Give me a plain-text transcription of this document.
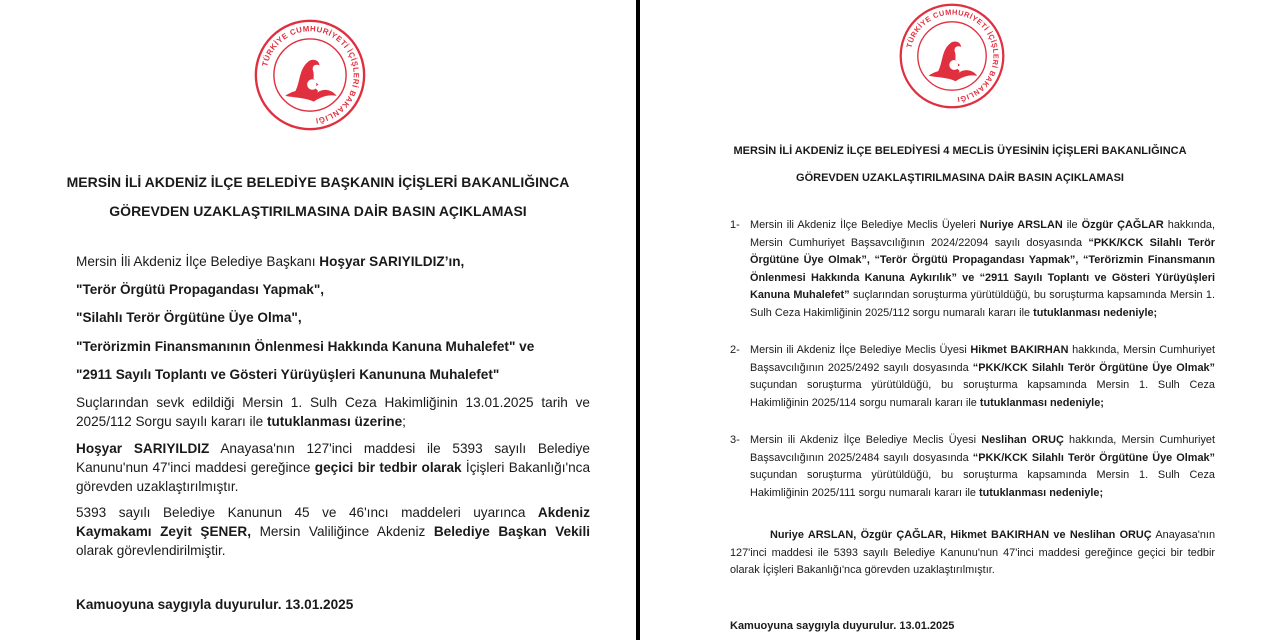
TÜRKİYE CUMHURİYETİ İÇİŞLERİ BAKANLIĞI

MERSİN İLİ AKDENİZ İLÇE BELEDİYE BAŞKANIN İÇİŞLERİ BAKANLIĞINCA
GÖREVDEN UZAKLAŞTIRILMASINA DAİR BASIN AÇIKLAMASI

Mersin İli Akdeniz İlçe Belediye Başkanı Hoşyar SARIYILDIZ’ın,

"Terör Örgütü Propagandası Yapmak",

"Silahlı Terör Örgütüne Üye Olma",

"Terörizmin Finansmanının Önlenmesi Hakkında Kanuna Muhalefet" ve

"2911 Sayılı Toplantı ve Gösteri Yürüyüşleri Kanununa Muhalefet"

Suçlarından sevk edildiği Mersin 1. Sulh Ceza Hakimliğinin 13.01.2025 tarih ve 2025/112 Sorgu sayılı kararı ile tutuklanması üzerine;

Hoşyar SARIYILDIZ Anayasa'nın 127'inci maddesi ile 5393 sayılı Belediye Kanunu'nun 47'inci maddesi gereğince geçici bir tedbir olarak İçişleri Bakanlığı'nca görevden uzaklaştırılmıştır.

5393 sayılı Belediye Kanunun 45 ve 46'ıncı maddeleri uyarınca Akdeniz Kaymakamı Zeyit ŞENER, Mersin Valiliğince Akdeniz Belediye Başkan Vekili olarak görevlendirilmiştir.

Kamuoyuna saygıyla duyurulur. 13.01.2025

TÜRKİYE CUMHURİYETİ İÇİŞLERİ BAKANLIĞI

MERSİN İLİ AKDENİZ İLÇE BELEDİYESİ 4 MECLİS ÜYESİNİN İÇİŞLERİ BAKANLIĞINCA
GÖREVDEN UZAKLAŞTIRILMASINA DAİR BASIN AÇIKLAMASI

1- Mersin ili Akdeniz İlçe Belediye Meclis Üyeleri Nuriye ARSLAN ile Özgür ÇAĞLAR hakkında, Mersin Cumhuriyet Başsavcılığının 2024/22094 sayılı dosyasında “PKK/KCK Silahlı Terör Örgütüne Üye Olmak”, “Terör Örgütü Propagandası Yapmak”, “Terörizmin Finansmanın Önlenmesi Hakkında Kanuna Aykırılık” ve “2911 Sayılı Toplantı ve Gösteri Yürüyüşleri Kanuna Muhalefet” suçlarından soruşturma yürütüldüğü, bu soruşturma kapsamında Mersin 1. Sulh Ceza Hakimliğinin 2025/112 sorgu numaralı kararı ile tutuklanması nedeniyle;

2- Mersin ili Akdeniz İlçe Belediye Meclis Üyesi Hikmet BAKIRHAN hakkında, Mersin Cumhuriyet Başsavcılığının 2025/2492 sayılı dosyasında “PKK/KCK Silahlı Terör Örgütüne Üye Olmak” suçundan soruşturma yürütüldüğü, bu soruşturma kapsamında Mersin 1. Sulh Ceza Hakimliğinin 2025/114 sorgu numaralı kararı ile tutuklanması nedeniyle;

3- Mersin ili Akdeniz İlçe Belediye Meclis Üyesi Neslihan ORUÇ hakkında, Mersin Cumhuriyet Başsavcılığının 2025/2484 sayılı dosyasında “PKK/KCK Silahlı Terör Örgütüne Üye Olmak” suçundan soruşturma yürütüldüğü, bu soruşturma kapsamında Mersin 1. Sulh Ceza Hakimliğinin 2025/111 sorgu numaralı kararı ile tutuklanması nedeniyle;

Nuriye ARSLAN, Özgür ÇAĞLAR, Hikmet BAKIRHAN ve Neslihan ORUÇ Anayasa'nın 127'inci maddesi ile 5393 sayılı Belediye Kanunu'nun 47'inci maddesi gereğince geçici bir tedbir olarak İçişleri Bakanlığı'nca görevden uzaklaştırılmıştır.

Kamuoyuna saygıyla duyurulur. 13.01.2025
